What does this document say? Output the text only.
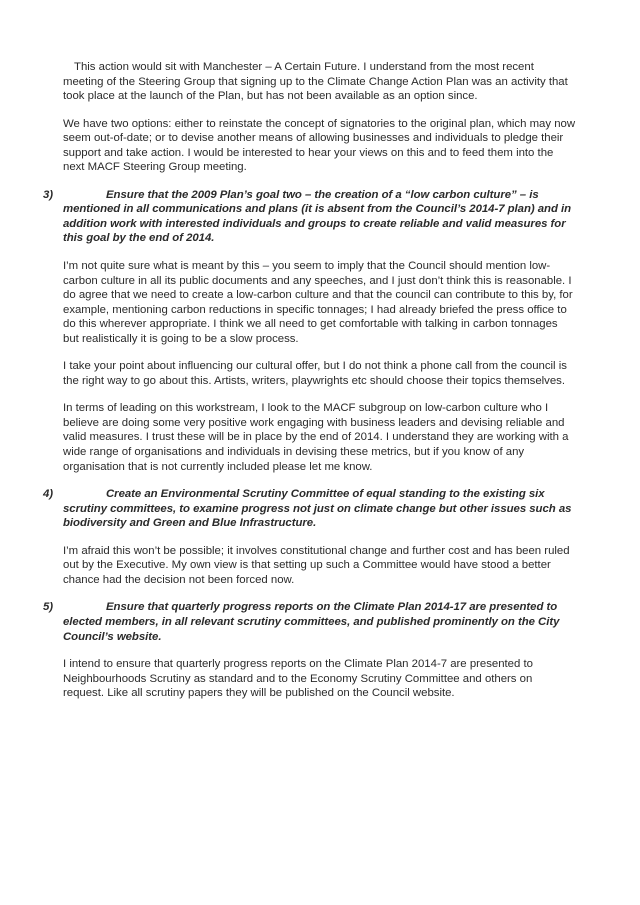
This action would sit with Manchester – A Certain Future. I understand from the most recent meeting of the Steering Group that signing up to the Climate Change Action Plan was an activity that took place at the launch of the Plan, but has not been available as an option since.

We have two options: either to reinstate the concept of signatories to the original plan, which may now seem out-of-date; or to devise another means of allowing businesses and individuals to pledge their support and take action. I would be interested to hear your views on this and to feed them into the next MACF Steering Group meeting.

3)	Ensure that the 2009 Plan’s goal two – the creation of a “low carbon culture” – is mentioned in all communications and plans (it is absent from the Council’s 2014-7 plan) and in addition work with interested individuals and groups to create reliable and valid measures for this goal by the end of 2014.

I’m not quite sure what is meant by this – you seem to imply that the Council should mention low-carbon culture in all its public documents and any speeches, and I just don’t think this is reasonable. I do agree that we need to create a low-carbon culture and that the council can contribute to this by, for example, mentioning carbon reductions in specific tonnages; I had already briefed the press office to do this wherever appropriate. I think we all need to get comfortable with talking in carbon tonnages but realistically it is going to be a slow process.

I take your point about influencing our cultural offer, but I do not think a phone call from the council is the right way to go about this. Artists, writers, playwrights etc should choose their topics themselves.

In terms of leading on this workstream, I look to the MACF subgroup on low-carbon culture who I believe are doing some very positive work engaging with business leaders and devising reliable and valid measures. I trust these will be in place by the end of 2014. I understand they are working with a wide range of organisations and individuals in devising these metrics, but if you know of any organisation that is not currently included please let me know.

4)	Create an Environmental Scrutiny Committee of equal standing to the existing six scrutiny committees, to examine progress not just on climate change but other issues such as biodiversity and Green and Blue Infrastructure.

I’m afraid this won’t be possible; it involves constitutional change and further cost and has been ruled out by the Executive. My own view is that setting up such a Committee would have stood a better chance had the decision not been forced now.

5)	Ensure that quarterly progress reports on the Climate Plan 2014-17 are presented to elected members, in all relevant scrutiny committees, and published prominently on the City Council’s website.

I intend to ensure that quarterly progress reports on the Climate Plan 2014-7 are presented to Neighbourhoods Scrutiny as standard and to the Economy Scrutiny Committee and others on request. Like all scrutiny papers they will be published on the Council website.
